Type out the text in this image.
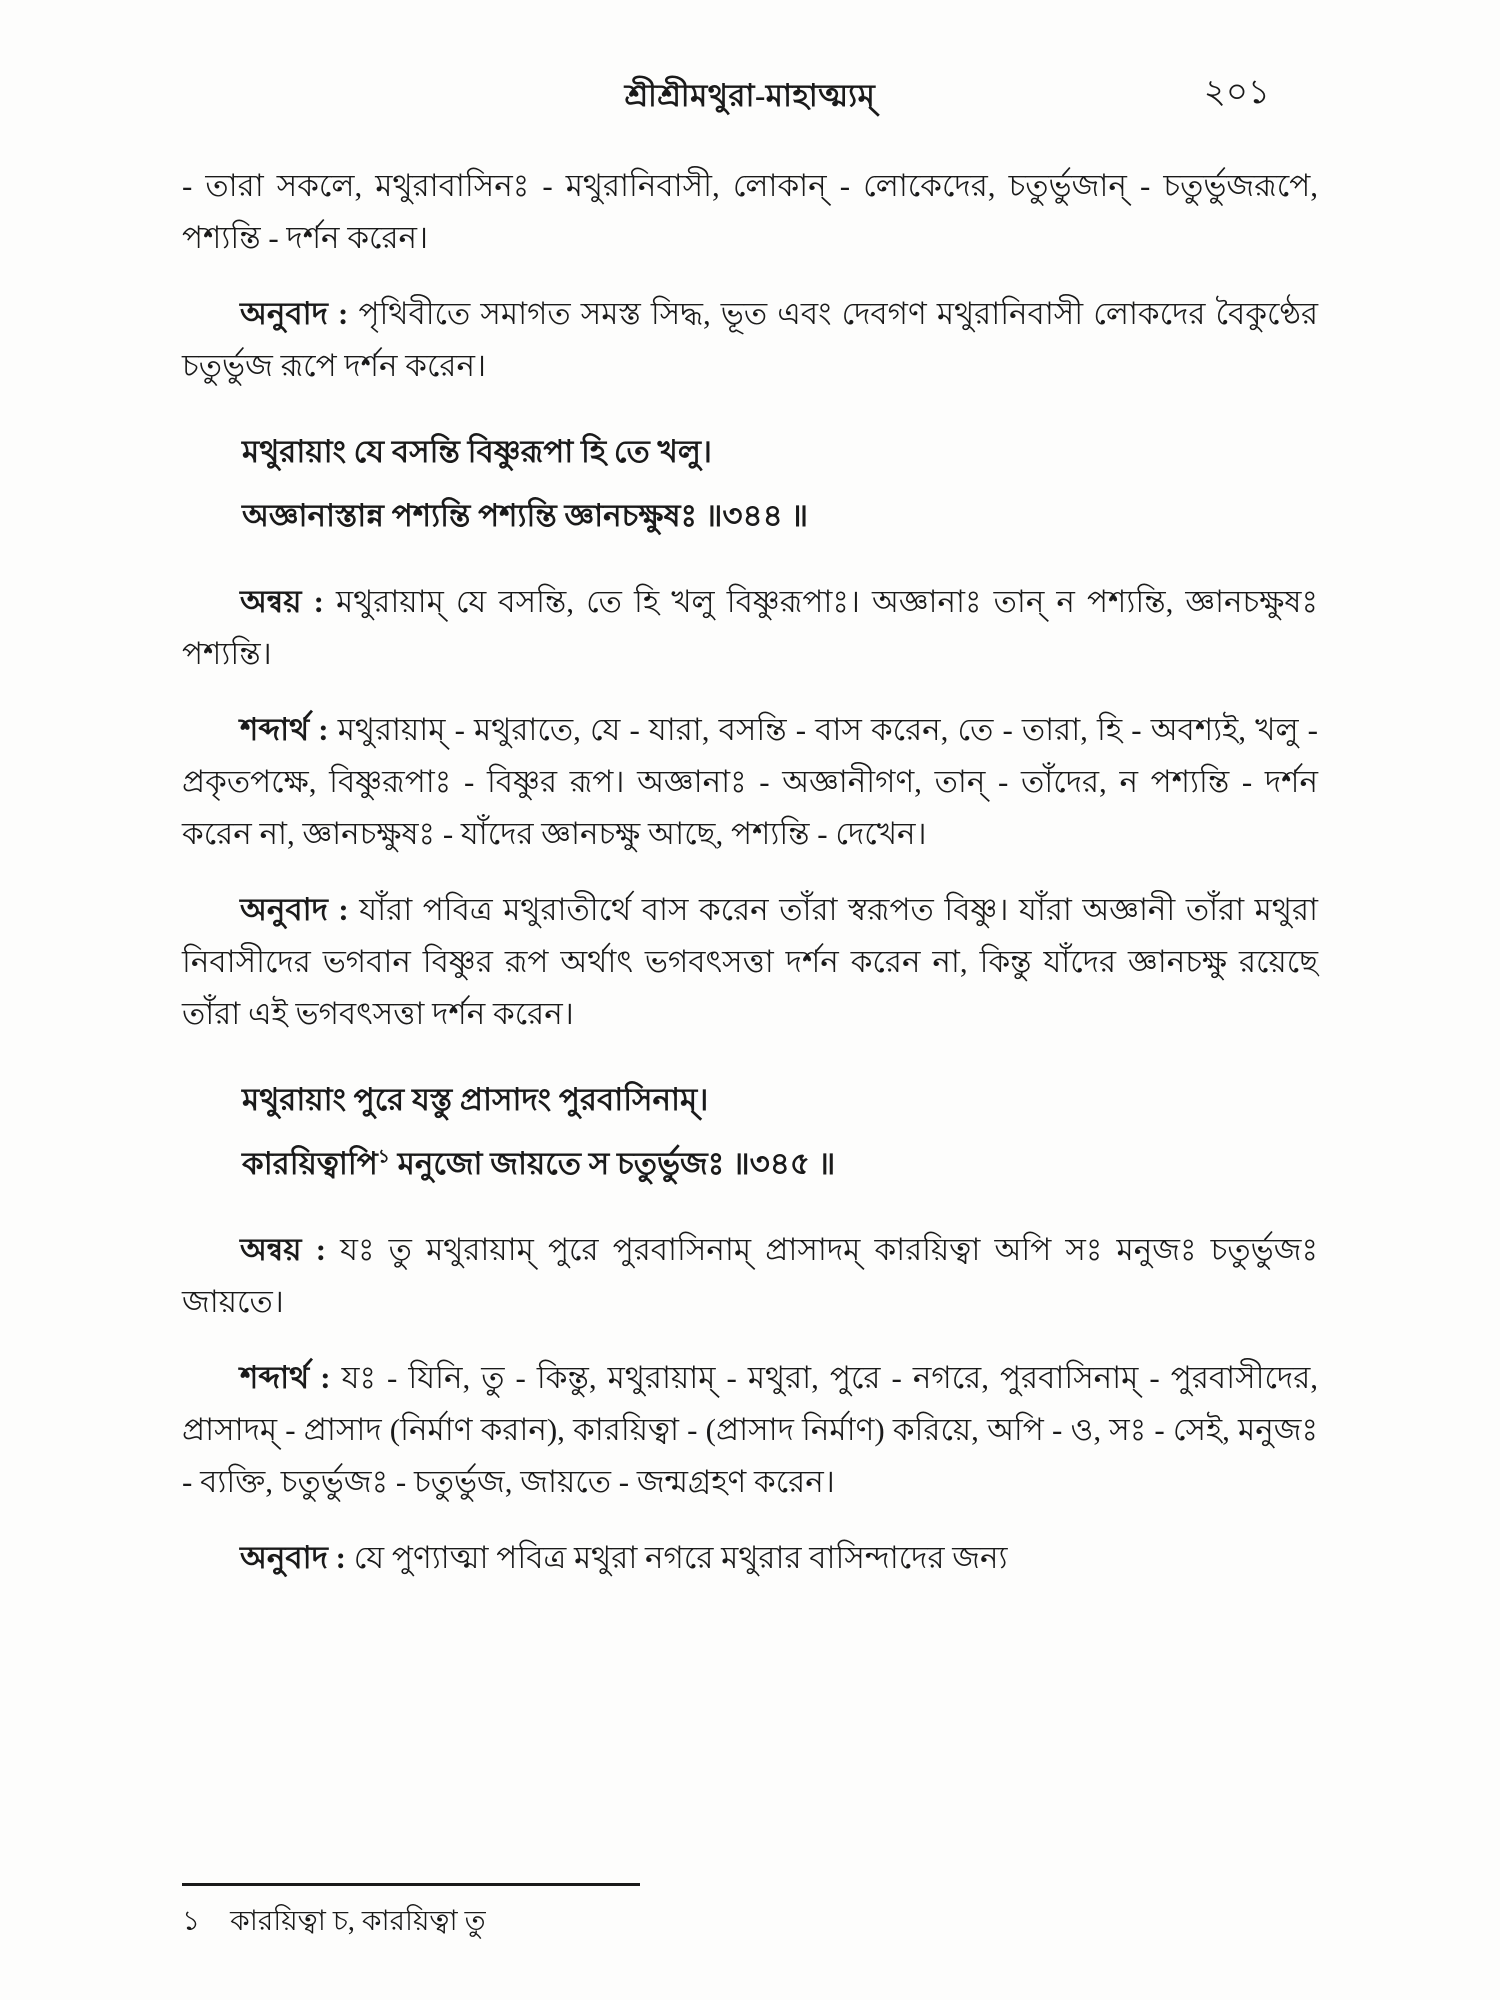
শ্রীশ্রীমথুরা-মাহাত্ম্যম্	২০১

- তারা সকলে, মথুরাবাসিনঃ - মথুরানিবাসী, লোকান্ - লোকেদের, চতুর্ভুজান্ - চতুর্ভুজরূপে, পশ্যন্তি - দর্শন করেন।

অনুবাদ : পৃথিবীতে সমাগত সমস্ত সিদ্ধ, ভূত এবং দেবগণ মথুরানিবাসী লোকদের বৈকুণ্ঠের চতুর্ভুজ রূপে দর্শন করেন।

মথুরায়াং যে বসন্তি বিষ্ণুরূপা হি তে খলু।
অজ্ঞানাস্তান্ন পশ্যন্তি পশ্যন্তি জ্ঞানচক্ষুষঃ ॥৩৪৪ ॥

অন্বয় : মথুরায়াম্ যে বসন্তি, তে হি খলু বিষ্ণুরূপাঃ। অজ্ঞানাঃ তান্ ন পশ্যন্তি, জ্ঞানচক্ষুষঃ পশ্যন্তি।

শব্দার্থ : মথুরায়াম্ - মথুরাতে, যে - যারা, বসন্তি - বাস করেন, তে - তারা, হি - অবশ্যই, খলু - প্রকৃতপক্ষে, বিষ্ণুরূপাঃ - বিষ্ণুর রূপ। অজ্ঞানাঃ - অজ্ঞানীগণ, তান্ - তাঁদের, ন পশ্যন্তি - দর্শন করেন না, জ্ঞানচক্ষুষঃ - যাঁদের জ্ঞানচক্ষু আছে, পশ্যন্তি - দেখেন।

অনুবাদ : যাঁরা পবিত্র মথুরাতীর্থে বাস করেন তাঁরা স্বরূপত বিষ্ণু। যাঁরা অজ্ঞানী তাঁরা মথুরা নিবাসীদের ভগবান বিষ্ণুর রূপ অর্থাৎ ভগবৎসত্তা দর্শন করেন না, কিন্তু যাঁদের জ্ঞানচক্ষু রয়েছে তাঁরা এই ভগবৎসত্তা দর্শন করেন।

মথুরায়াং পুরে যস্তু প্রাসাদং পুরবাসিনাম্।
কারয়িত্বাপি$^১$ মনুজো জায়তে স চতুর্ভুজঃ ॥৩৪৫ ॥

অন্বয় : যঃ তু মথুরায়াম্ পুরে পুরবাসিনাম্ প্রাসাদম্ কারয়িত্বা অপি সঃ মনুজঃ চতুর্ভুজঃ জায়তে।

শব্দার্থ : যঃ - যিনি, তু - কিন্তু, মথুরায়াম্ - মথুরা, পুরে - নগরে, পুরবাসিনাম্ - পুরবাসীদের, প্রাসাদম্ - প্রাসাদ (নির্মাণ করান), কারয়িত্বা - (প্রাসাদ নির্মাণ) করিয়ে, অপি - ও, সঃ - সেই, মনুজঃ - ব্যক্তি, চতুর্ভুজঃ - চতুর্ভুজ, জায়তে - জন্মগ্রহণ করেন।

অনুবাদ : যে পুণ্যাত্মা পবিত্র মথুরা নগরে মথুরার বাসিন্দাদের জন্য

১ কারয়িত্বা চ, কারয়িত্বা তু
